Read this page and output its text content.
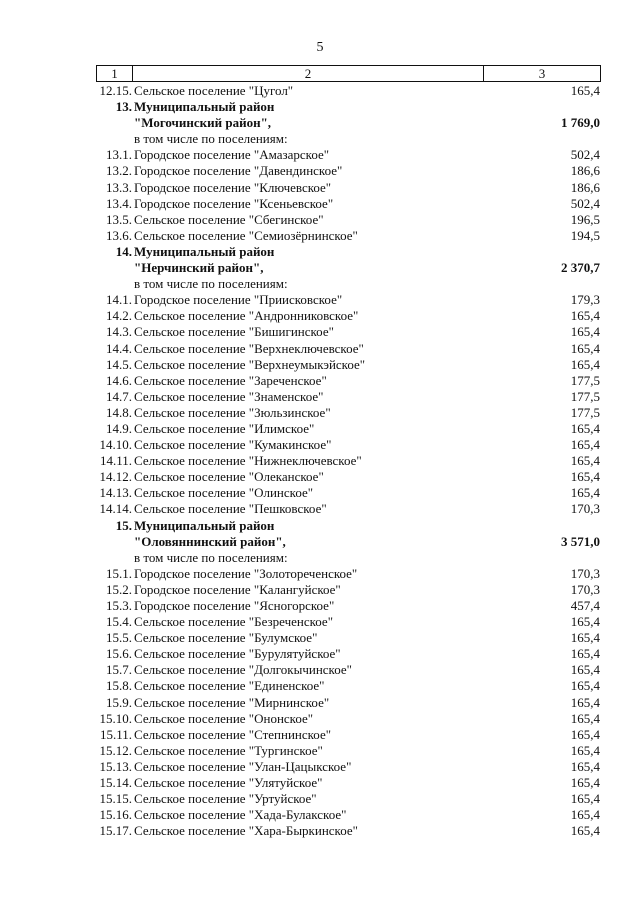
5
1	2	3
12.15. Сельское поселение "Цугол"	165,4
13. Муниципальный район
"Могочинский район",	1 769,0
в том числе по поселениям:
13.1. Городское поселение "Амазарское"	502,4
13.2. Городское поселение "Давендинское"	186,6
13.3. Городское поселение "Ключевское"	186,6
13.4. Городское поселение "Ксеньевское"	502,4
13.5. Сельское поселение "Сбегинское"	196,5
13.6. Сельское поселение "Семиозёрнинское"	194,5
14. Муниципальный район
"Нерчинский район",	2 370,7
в том числе по поселениям:
14.1. Городское поселение "Приисковское"	179,3
14.2. Сельское поселение "Андронниковское"	165,4
14.3. Сельское поселение "Бишигинское"	165,4
14.4. Сельское поселение "Верхнеключевское"	165,4
14.5. Сельское поселение "Верхнеумыкэйское"	165,4
14.6. Сельское поселение "Зареченское"	177,5
14.7. Сельское поселение "Знаменское"	177,5
14.8. Сельское поселение "Зюльзинское"	177,5
14.9. Сельское поселение "Илимское"	165,4
14.10. Сельское поселение "Кумакинское"	165,4
14.11. Сельское поселение "Нижнеключевское"	165,4
14.12. Сельское поселение "Олеканское"	165,4
14.13. Сельское поселение "Олинское"	165,4
14.14. Сельское поселение "Пешковское"	170,3
15. Муниципальный район
"Оловяннинский район",	3 571,0
в том числе по поселениям:
15.1. Городское поселение "Золотореченское"	170,3
15.2. Городское поселение "Калангуйское"	170,3
15.3. Городское поселение "Ясногорское"	457,4
15.4. Сельское поселение "Безреченское"	165,4
15.5. Сельское поселение "Булумское"	165,4
15.6. Сельское поселение "Бурулятуйское"	165,4
15.7. Сельское поселение "Долгокычинское"	165,4
15.8. Сельское поселение "Единенское"	165,4
15.9. Сельское поселение "Мирнинское"	165,4
15.10. Сельское поселение "Ононское"	165,4
15.11. Сельское поселение "Степнинское"	165,4
15.12. Сельское поселение "Тургинское"	165,4
15.13. Сельское поселение "Улан-Цацыкское"	165,4
15.14. Сельское поселение "Улятуйское"	165,4
15.15. Сельское поселение "Уртуйское"	165,4
15.16. Сельское поселение "Хада-Булакское"	165,4
15.17. Сельское поселение "Хара-Быркинское"	165,4
